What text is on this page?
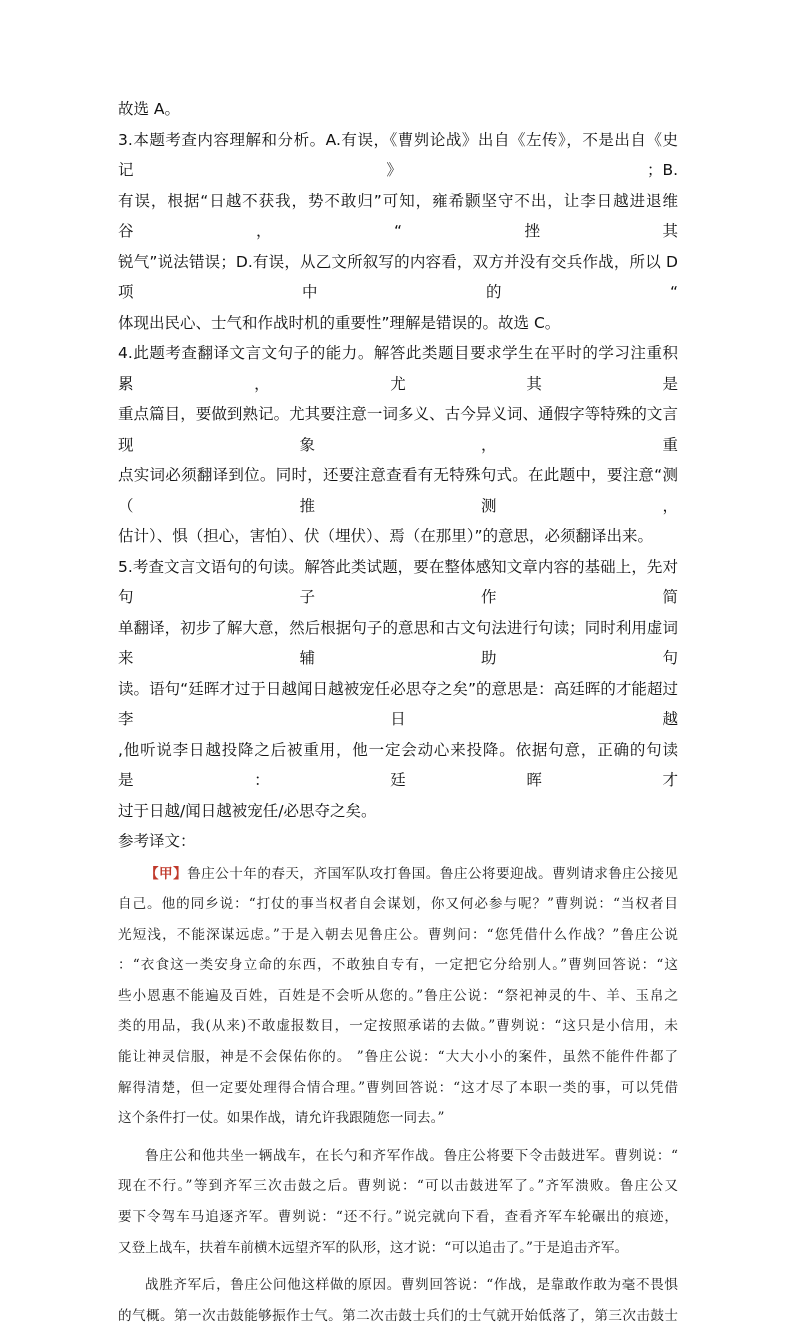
故选 A。
3.本题考查内容理解和分析。A.有误，《曹刿论战》出自《左传》，不是出自《史记》；B.
有误，根据“日越不获我，势不敢归”可知，雍希颢坚守不出，让李日越进退维谷，“挫其
锐气”说法错误；D.有误，从乙文所叙写的内容看，双方并没有交兵作战，所以 D 项中的“
体现出民心、士气和作战时机的重要性”理解是错误的。故选 C。
4.此题考查翻译文言文句子的能力。解答此类题目要求学生在平时的学习注重积累，尤其是
重点篇目，要做到熟记。尤其要注意一词多义、古今异义词、通假字等特殊的文言现象，重
点实词必须翻译到位。同时，还要注意查看有无特殊句式。在此题中，要注意“测（推测，
估计）、惧（担心，害怕）、伏（埋伏）、焉（在那里）”的意思，必须翻译出来。
5.考查文言文语句的句读。解答此类试题，要在整体感知文章内容的基础上，先对句子作简
单翻译，初步了解大意，然后根据句子的意思和古文句法进行句读；同时利用虚词来辅助句
读。语句“廷晖才过于日越闻日越被宠任必思夺之矣”的意思是：高廷晖的才能超过李日越
,他听说李日越投降之后被重用，他一定会动心来投降。依据句意，正确的句读是：廷晖才
过于日越/闻日越被宠任/必思夺之矣。
参考译文：
【甲】鲁庄公十年的春天，齐国军队攻打鲁国。鲁庄公将要迎战。曹刿请求鲁庄公接见
自己。他的同乡说：“打仗的事当权者自会谋划，你又何必参与呢？”曹刿说：“当权者目
光短浅，不能深谋远虑。”于是入朝去见鲁庄公。曹刿问：“您凭借什么作战？”鲁庄公说
：“衣食这一类安身立命的东西，不敢独自专有，一定把它分给别人。”曹刿回答说：“这
些小恩惠不能遍及百姓，百姓是不会听从您的。”鲁庄公说：“祭祀神灵的牛、羊、玉帛之
类的用品，我(从来)不敢虚报数目，一定按照承诺的去做。”曹刿说：“这只是小信用，未
能让神灵信服，神是不会保佑你的。 ”鲁庄公说：“大大小小的案件，虽然不能件件都了
解得清楚，但一定要处理得合情合理。”曹刿回答说：“这才尽了本职一类的事，可以凭借
这个条件打一仗。如果作战，请允许我跟随您一同去。”
鲁庄公和他共坐一辆战车，在长勺和齐军作战。鲁庄公将要下令击鼓进军。曹刿说：“
现在不行。”等到齐军三次击鼓之后。曹刿说：“可以击鼓进军了。”齐军溃败。鲁庄公又
要下令驾车马追逐齐军。曹刿说：“还不行。”说完就向下看，查看齐军车轮碾出的痕迹，
又登上战车，扶着车前横木远望齐军的队形，这才说：“可以追击了。”于是追击齐军。
战胜齐军后，鲁庄公问他这样做的原因。曹刿回答说：“作战，是靠敢作敢为毫不畏惧
的气概。第一次击鼓能够振作士气。第二次击鼓士兵们的士气就开始低落了，第三次击鼓士
